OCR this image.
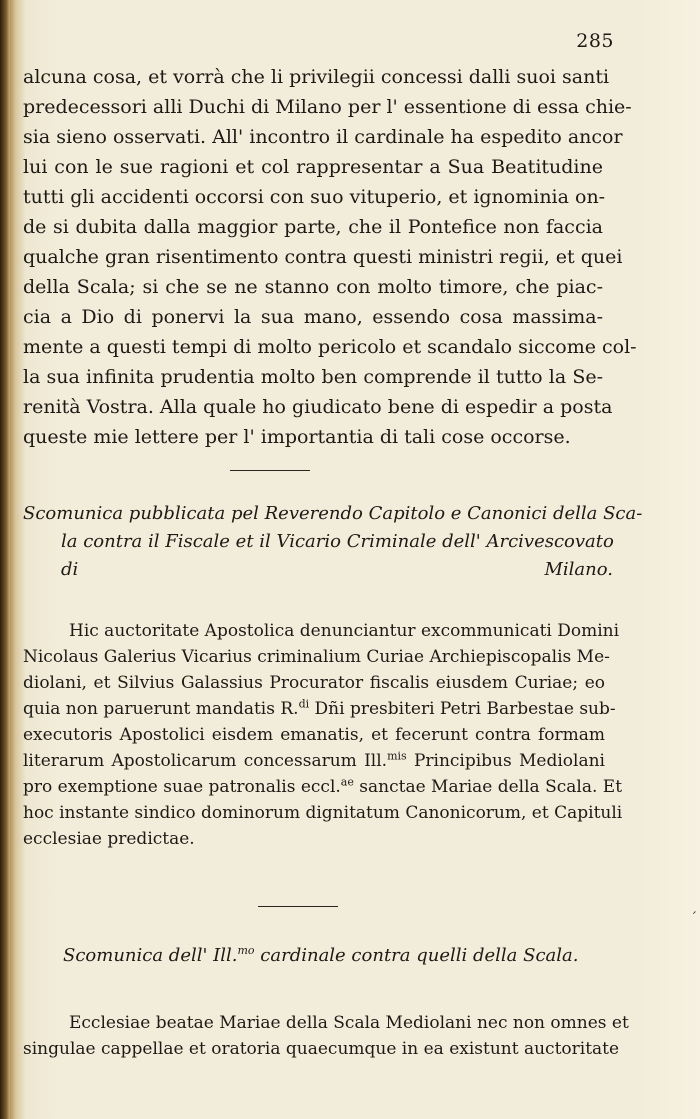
285
alcuna cosa, et vorrà che li privilegii concessi dalli suoi santi
predecessori alli Duchi di Milano per l' essentione di essa chie-
sia sieno osservati. All' incontro il cardinale ha espedito ancor
lui con le sue ragioni et col rappresentar a Sua Beatitudine
tutti gli accidenti occorsi con suo vituperio, et ignominia on-
de si dubita dalla maggior parte, che il Pontefice non faccia
qualche gran risentimento contra questi ministri regii, et quei
della Scala; si che se ne stanno con molto timore, che piac-
cia a Dio di ponervi la sua mano, essendo cosa massima-
mente a questi tempi di molto pericolo et scandalo siccome col-
la sua infinita prudentia molto ben comprende il tutto la Se-
renità Vostra. Alla quale ho giudicato bene di espedir a posta
queste mie lettere per l' importantia di tali cose occorse.
Scomunica pubblicata pel Reverendo Capitolo e Canonici della Sca-
la contra il Fiscale et il Vicario Criminale dell' Arcivescovato
di Milano.
Hic auctoritate Apostolica denunciantur excommunicati Domini
Nicolaus Galerius Vicarius criminalium Curiae Archiepiscopalis Me-
diolani, et Silvius Galassius Procurator fiscalis eiusdem Curiae; eo
quia non paruerunt mandatis R.$^{di}$ Dñi presbiteri Petri Barbestae sub-
executoris Apostolici eisdem emanatis, et fecerunt contra formam
literarum Apostolicarum concessarum Ill.$^{mis}$ Principibus Mediolani
pro exemptione suae patronalis eccl.$^{ae}$ sanctae Mariae della Scala. Et
hoc instante sindico dominorum dignitatum Canonicorum, et Capituli
ecclesiae predictae.
Scomunica dell' Ill.$^{mo}$ cardinale contra quelli della Scala.
Ecclesiae beatae Mariae della Scala Mediolani nec non omnes et
singulae cappellae et oratoria quaecumque in ea existunt auctoritate
′
